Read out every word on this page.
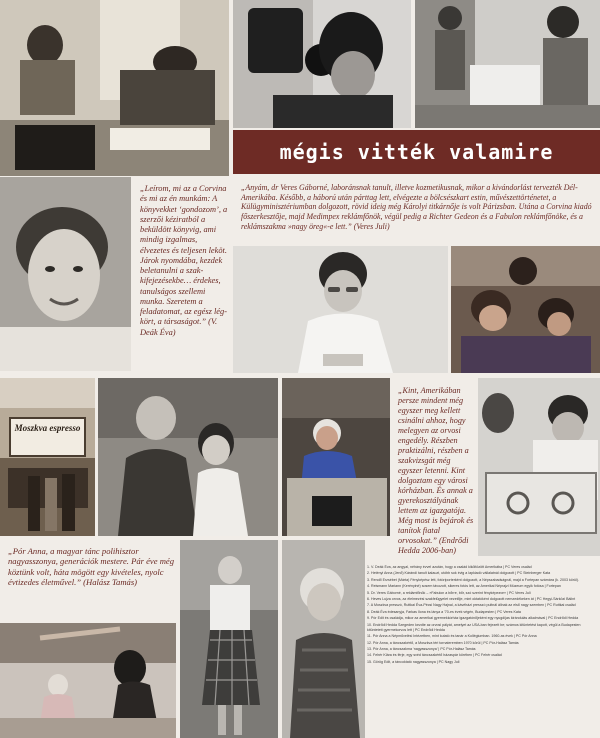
mégis vitték valamire
„Leírom, mi az a Corvina és mi az én munkám: A könyvekket ‘gondozom’, a szerzői kéziratból a beküldött könyvig, ami mindig izgalmas, élvezetes és teljesen leköt. Járok nyomdába, kezdek beletanulni a szakkifejezésekbe… érdekes, tanulságos szellemi munka. Szeretem a feladatomat, az egész légkört, a társaságot.” (V. Deák Éva)
„Anyám, dr Veres Gáborné, laboránsnak tanult, illetve kozmetikusnak, mikor a kivándorlást tervezték Dél-Amerikába. Később, a háború után párttag lett, elvégezte a bölcsészkart estin, művészettörténetet, a Külügyminisztériumban dolgozott, rövid ideig még Károlyi titkárnője is volt Párizsban. Utána a Corvina kiadó főszerkesztője, majd Medimpex reklámfőnök, végül pedig a Richter Gedeon és a Fabulon reklámfőnöke, és a reklámszakma »nagy öreg«-e lett.” (Veres Juli)
Moszkva espresso
„Kint, Amerikában persze mindent még egyszer meg kellett csinálni ahhoz, hogy melegyen az orvosi engedély. Részben praktizálni, részben a szakvizsgát még egyszer letenni. Kint dolgoztam egy városi kórházban. És annak a gyerekosztályának lettem az igazgatója. Még most is bejárok és tanítok fiatal orvosokat.” (Endrődi Hedda 2006-ban)
„Pór Anna, a magyar tánc polihisztor nagyasszonya, generációk mestere. Pár éve még köztünk volt, háta mögött egy kivételes, nyolc évtizedes életművel.” (Halász Tamás)

1. V. Deák Éva, az angyal, néhány évvel azután, hogy a család kiköltözött Amerikába | PC Veres család

2. Hetényi Anna (Jenő) Kárándi tanult kalauzt, utóbb sok évig a lapkiadó vállalatnál dolgozott | PC Steinberger Kata

3. Rendő Erzsébet (Márta) Fényképész lett, fotóriporterként dolgozott, a Népszabadságnál, majd a Fortepan számára (k. 2003 körül).

4. Reismann Mariann (Kerényiné) sosem távozott, sikeres fotós lett, az Amerikai Néprajzi Múzeum egyik fotósa | Fortepan

5. Dr. Veres Gáborné, a reklámfőnök – »Fabulon a bőrre, bőr, szó szerint fényképezve« | PC Veres Juli

6. Heves Lujza orvos, az élelmezési szakfelügyelet vezetője, mint oktatóként dolgozott nemzedékeken át | PC Hegyi-Sárközi Bálint

7. A Moszkva presszó, Ruttkai Éva-Pécsi Nagy Hajnal, a kávéházi presszó pultnál állnak az első nagy szemben | PC Ruttkai család

8. Deák Éva édesanyja, Farkas Ilona és lánya a '70-es évek végén, Budapesten | PC Veres Kata

9. Pór Edit és családja, mikor az amerikai gyermekkórház igazgatónőjeként egy nyugdíjas kirándulás alkalmával | PC Endrődi Hedda

10. Endrődi Hedda Szegeden kezdte az orvosi pályát, amelyet az USA-ban fejezett be; számos kitüntetést kapott, végül a Budapesten kitüntetett gyermekorvos lett | PC Endrődi Hedda

11. Pór Anna a Népművelési Intézetben, mint kutató és tanár a Kollégiumban. 1960-as évek | PC Pór Anna

12. Pór Anna, a táncszakértő, a Moszkva téri tornateremben 1970 körül | PC Pór-Halász Tamás

13. Pór Anna, a táncszakma ‘nagyasszonya’ | PC Pór-Halász Tamás

14. Fehér Klára és férje, egy svéd táncszakértő házaspár körében | PC Fehér család

15. Görög Edit, a táncoktató nagyasszonya | PC Nagy Juli
